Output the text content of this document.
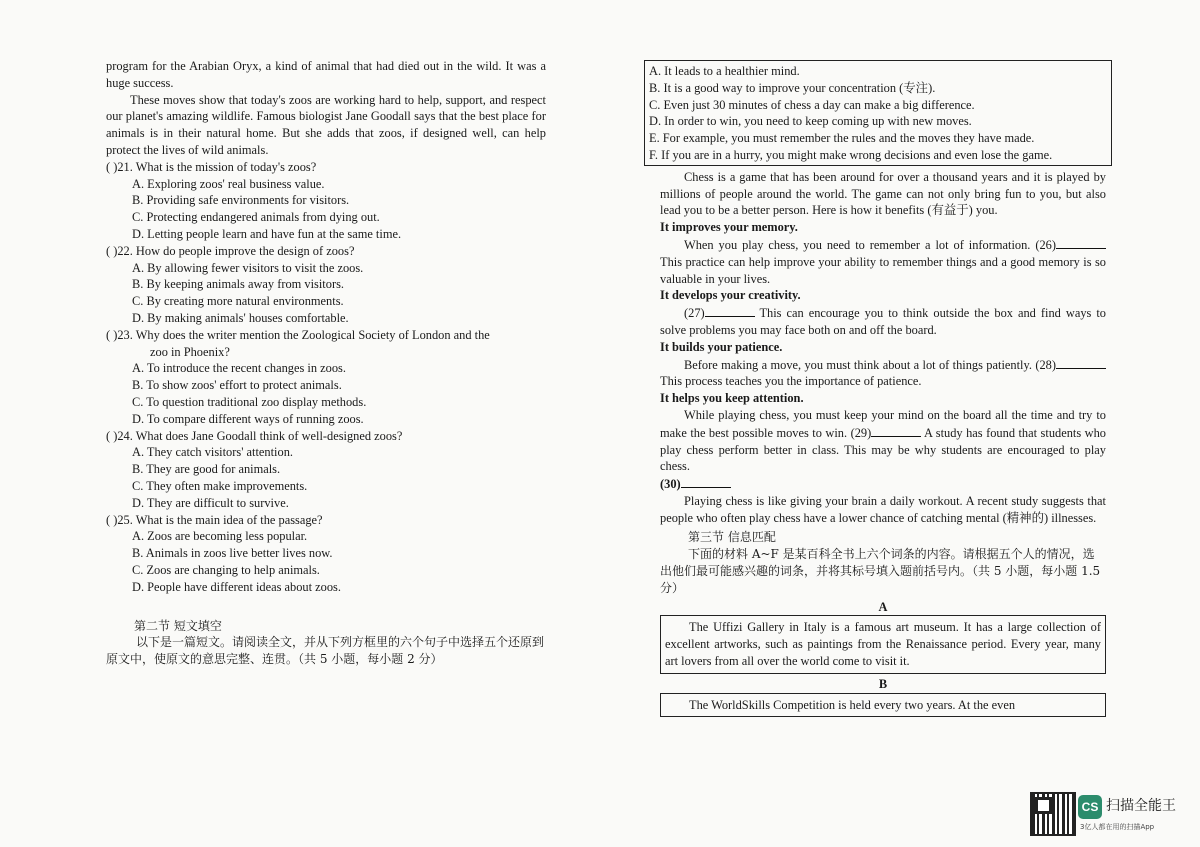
program for the Arabian Oryx, a kind of animal that had died out in the wild. It was a huge success.

These moves show that today's zoos are working hard to help, support, and respect our planet's amazing wildlife. Famous biologist Jane Goodall says that the best place for animals is in their natural home. But she adds that zoos, if designed well, can help protect the lives of wild animals.

( )21. What is the mission of today's zoos?

A. Exploring zoos' real business value.

B. Providing safe environments for visitors.

C. Protecting endangered animals from dying out.

D. Letting people learn and have fun at the same time.

( )22. How do people improve the design of zoos?

A. By allowing fewer visitors to visit the zoos.

B. By keeping animals away from visitors.

C. By creating more natural environments.

D. By making animals' houses comfortable.

( )23. Why does the writer mention the Zoological Society of London and the

zoo in Phoenix?

A. To introduce the recent changes in zoos.

B. To show zoos' effort to protect animals.

C. To question traditional zoo display methods.

D. To compare different ways of running zoos.

( )24. What does Jane Goodall think of well-designed zoos?

A. They catch visitors' attention.

B. They are good for animals.

C. They often make improvements.

D. They are difficult to survive.

( )25. What is the main idea of the passage?

A. Zoos are becoming less popular.

B. Animals in zoos live better lives now.

C. Zoos are changing to help animals.

D. People have different ideas about zoos.

第二节 短文填空

以下是一篇短文。请阅读全文，并从下列方框里的六个句子中选择五个还原到原文中，使原文的意思完整、连贯。（共 5 小题，每小题 2 分）

A. It leads to a healthier mind.
B. It is a good way to improve your concentration (专注).
C. Even just 30 minutes of chess a day can make a big difference.
D. In order to win, you need to keep coming up with new moves.
E. For example, you must remember the rules and the moves they have made.
F. If you are in a hurry, you might make wrong decisions and even lose the game.

Chess is a game that has been around for over a thousand years and it is played by millions of people around the world. The game can not only bring fun to you, but also lead you to be a better person. Here is how it benefits (有益于) you.

It improves your memory.

When you play chess, you need to remember a lot of information. (26) This practice can help improve your ability to remember things and a good memory is so valuable in your lives.

It develops your creativity.

(27)	This can encourage you to think outside the box and find ways to solve problems you may face both on and off the board.

It builds your patience.

Before making a move, you must think about a lot of things patiently. (28) This process teaches you the importance of patience.

It helps you keep attention.

While playing chess, you must keep your mind on the board all the time and try to make the best possible moves to win. (29)	A study has found that students who play chess perform better in class. This may be why students are encouraged to play chess.

(30)

Playing chess is like giving your brain a daily workout. A recent study suggests that people who often play chess have a lower chance of catching mental (精神的) illnesses.

第三节 信息匹配

下面的材料 A~F 是某百科全书上六个词条的内容。请根据五个人的情况，选出他们最可能感兴趣的词条，并将其标号填入题前括号内。（共 5 小题，每小题 1.5 分）

A

The Uffizi Gallery in Italy is a famous art museum. It has a large collection of excellent artworks, such as paintings from the Renaissance period. Every year, many art lovers from all over the world come to visit it.

B

The WorldSkills Competition is held every two years. At the even
CS 扫描全能王
3亿人都在用的扫描App
